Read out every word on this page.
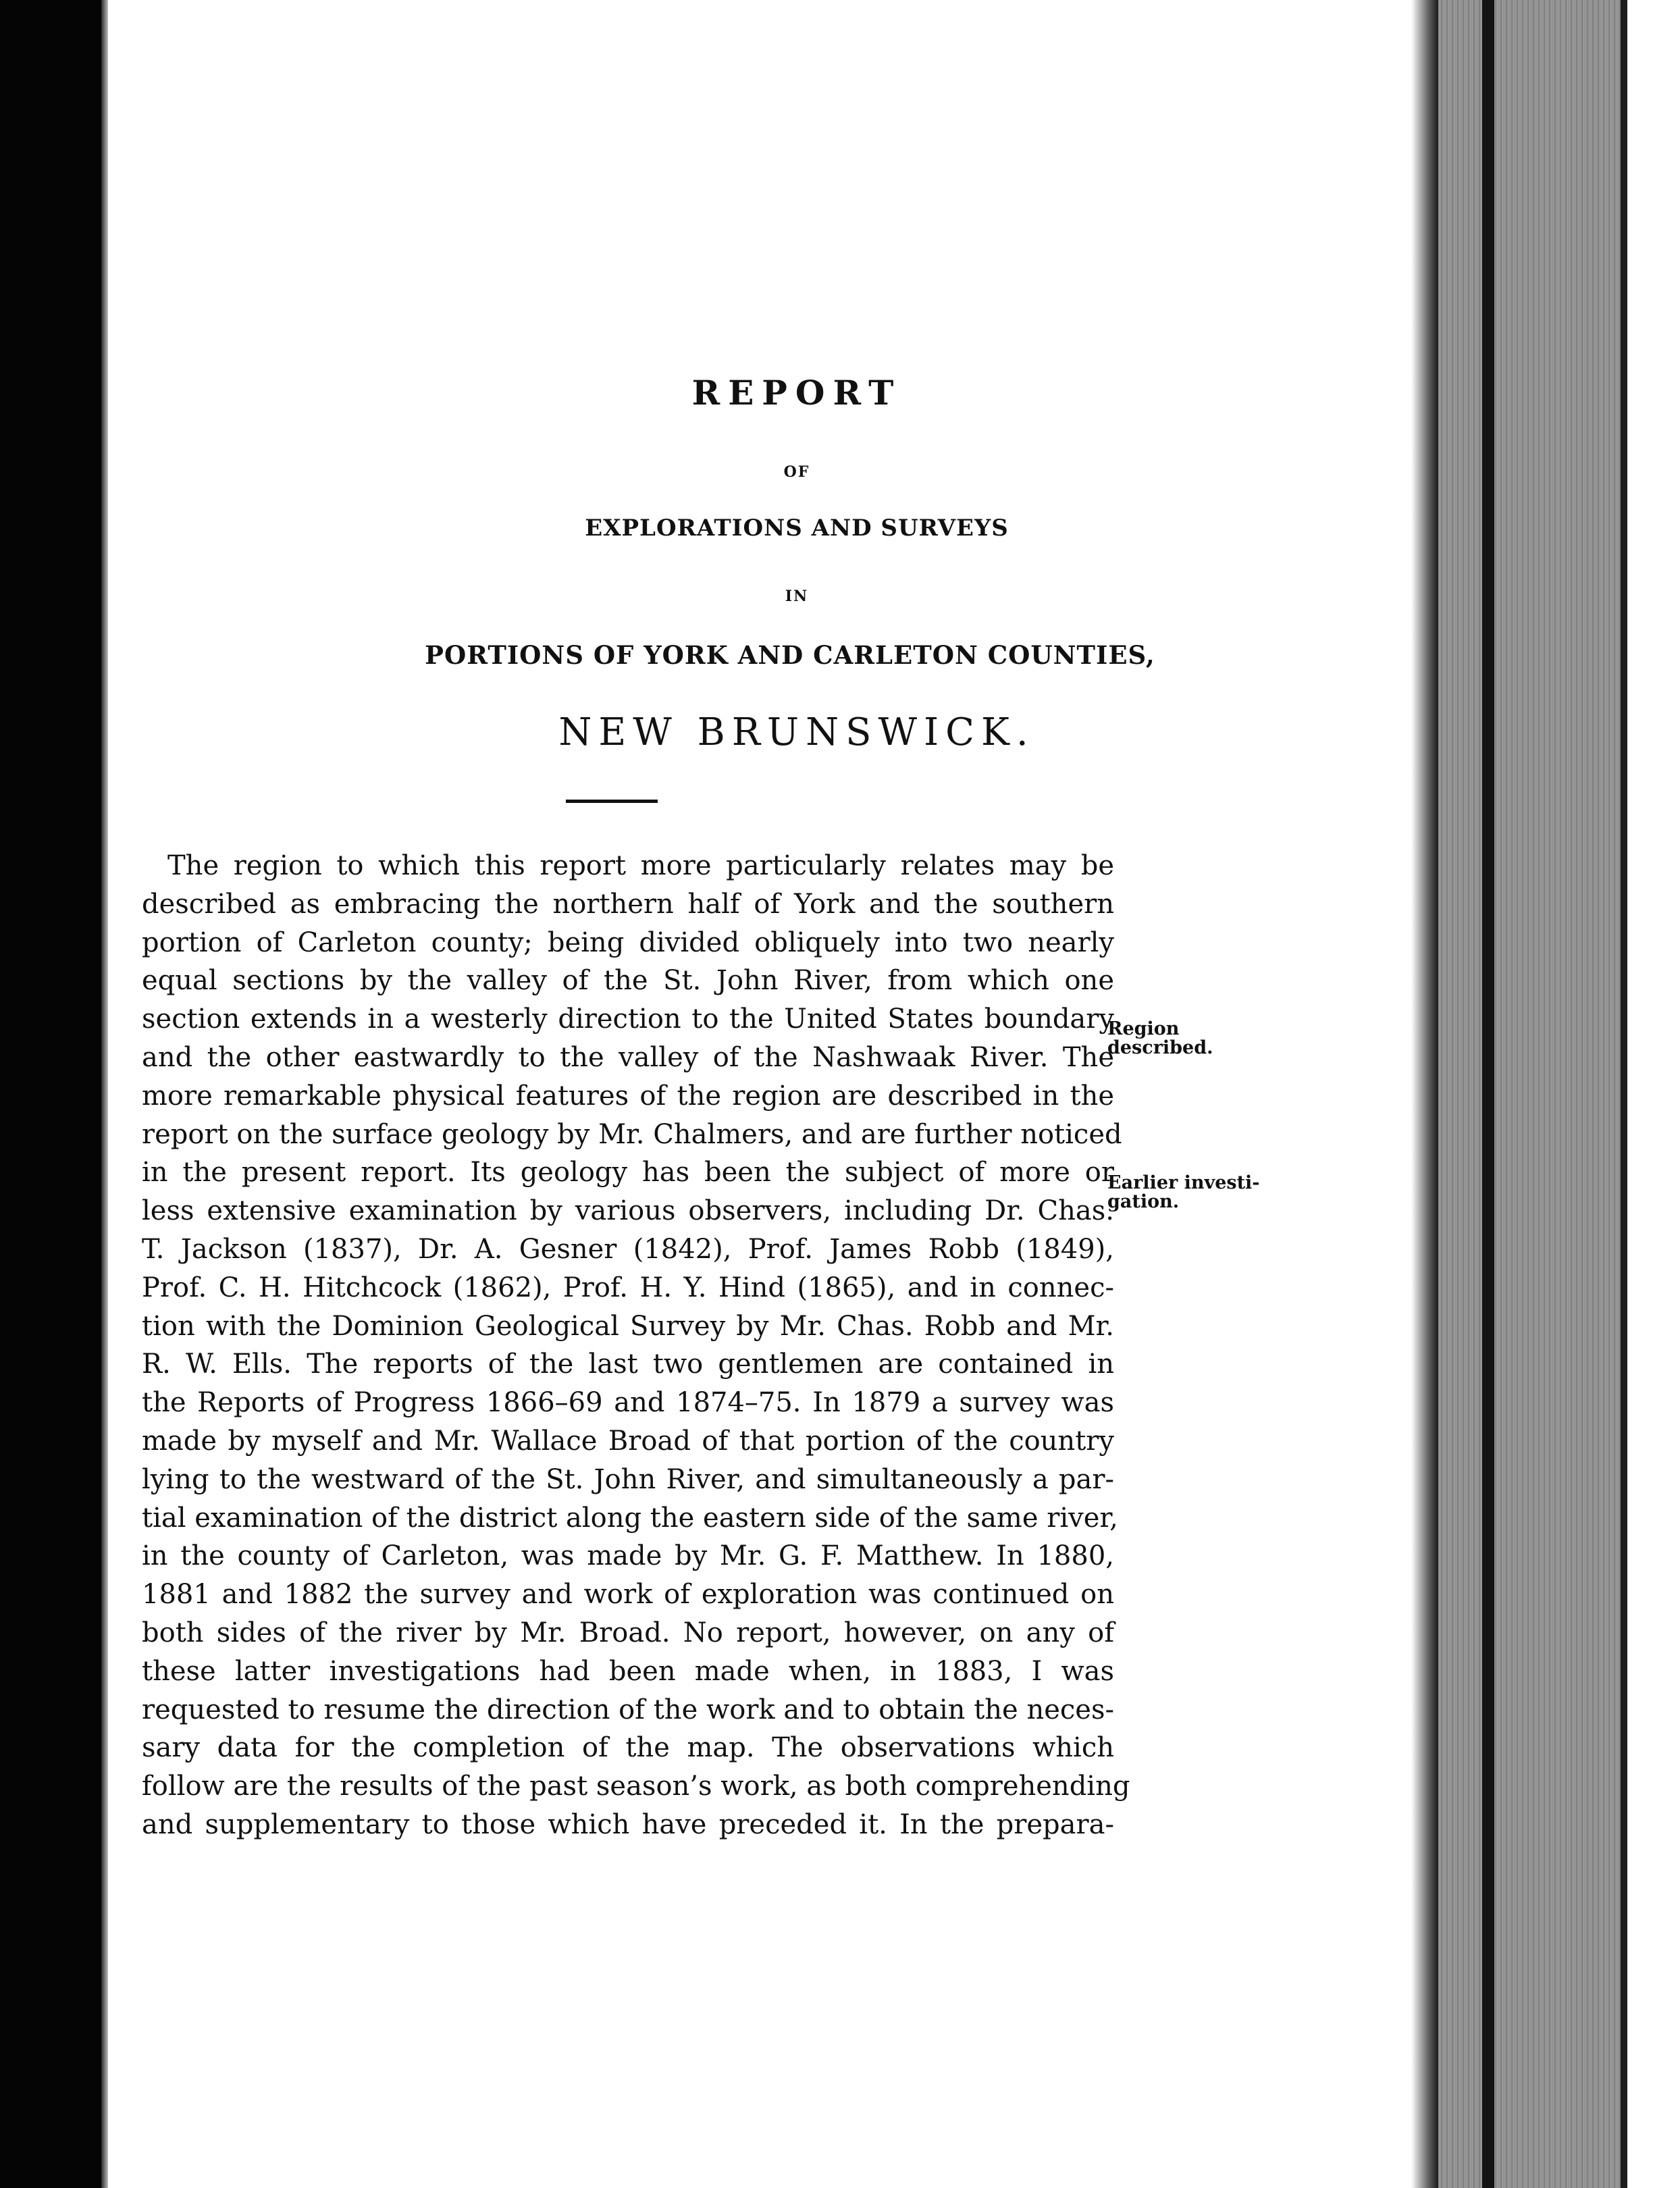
REPORT
OF
EXPLORATIONS AND SURVEYS
IN
PORTIONS OF YORK AND CARLETON COUNTIES,
NEW BRUNSWICK.
The region to which this report more particularly relates may be
described as embracing the northern half of York and the southern
portion of Carleton county; being divided obliquely into two nearly
equal sections by the valley of the St. John River, from which one
section extends in a westerly direction to the United States boundary
and the other eastwardly to the valley of the Nashwaak River. The
more remarkable physical features of the region are described in the
report on the surface geology by Mr. Chalmers, and are further noticed
in the present report. Its geology has been the subject of more or
less extensive examination by various observers, including Dr. Chas.
T. Jackson (1837), Dr. A. Gesner (1842), Prof. James Robb (1849),
Prof. C. H. Hitchcock (1862), Prof. H. Y. Hind (1865), and in connec-
tion with the Dominion Geological Survey by Mr. Chas. Robb and Mr.
R. W. Ells. The reports of the last two gentlemen are contained in
the Reports of Progress 1866–69 and 1874–75. In 1879 a survey was
made by myself and Mr. Wallace Broad of that portion of the country
lying to the westward of the St. John River, and simultaneously a par-
tial examination of the district along the eastern side of the same river,
in the county of Carleton, was made by Mr. G. F. Matthew. In 1880,
1881 and 1882 the survey and work of exploration was continued on
both sides of the river by Mr. Broad. No report, however, on any of
these latter investigations had been made when, in 1883, I was
requested to resume the direction of the work and to obtain the neces-
sary data for the completion of the map. The observations which
follow are the results of the past season’s work, as both comprehending
and supplementary to those which have preceded it. In the prepara-
Region
described.
Earlier investi-
gation.
